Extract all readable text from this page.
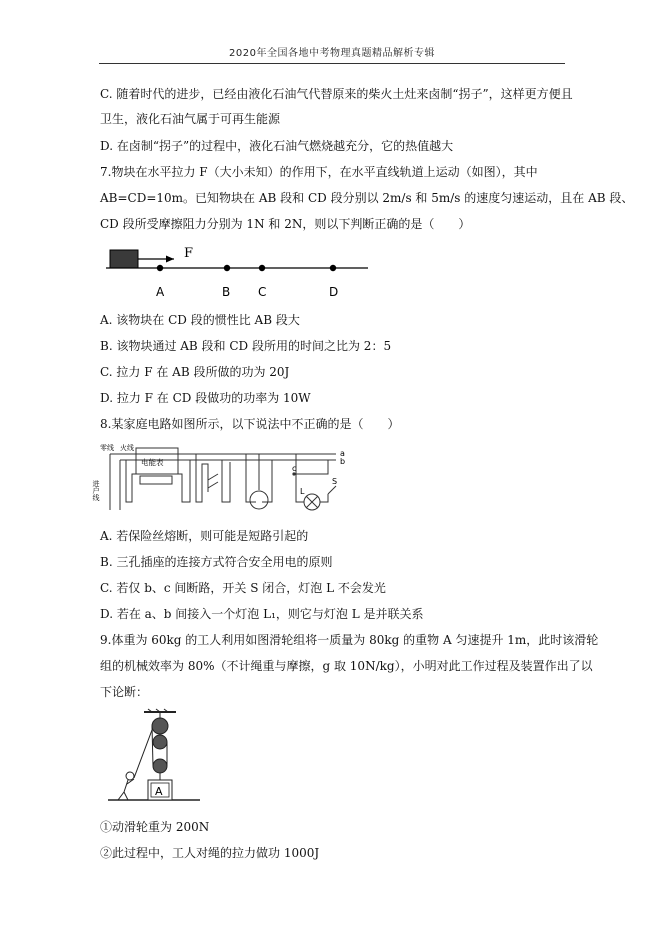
2020年全国各地中考物理真题精品解析专辑
C. 随着时代的进步，已经由液化石油气代替原来的柴火土灶来卤制“拐子”，这样更方便且
卫生，液化石油气属于可再生能源
D. 在卤制“拐子”的过程中，液化石油气燃烧越充分，它的热值越大
7.物块在水平拉力 F（大小未知）的作用下，在水平直线轨道上运动（如图），其中
AB=CD=10m。已知物块在 AB 段和 CD 段分别以 2m/s 和 5m/s 的速度匀速运动，且在 AB 段、
CD 段所受摩擦阻力分别为 1N 和 2N，则以下判断正确的是（　　）
F
A	B C	D
A. 该物块在 CD 段的惯性比 AB 段大
B. 该物块通过 AB 段和 CD 段所用的时间之比为 2：5
C. 拉力 F 在 AB 段所做的功为 20J
D. 拉力 F 在 CD 段做功的功率为 10W
8.某家庭电路如图所示，以下说法中不正确的是（　　）
零线 火线
电能表
进户线
a
b
c
L
S
A. 若保险丝熔断，则可能是短路引起的
B. 三孔插座的连接方式符合安全用电的原则
C. 若仅 b、c 间断路，开关 S 闭合，灯泡 L 不会发光
D. 若在 a、b 间接入一个灯泡 L₁，则它与灯泡 L 是并联关系
9.体重为 60kg 的工人利用如图滑轮组将一质量为 80kg 的重物 A 匀速提升 1m，此时该滑轮
组的机械效率为 80%（不计绳重与摩擦，g 取 10N/kg），小明对此工作过程及装置作出了以
下论断：
A
①动滑轮重为 200N
②此过程中，工人对绳的拉力做功 1000J
